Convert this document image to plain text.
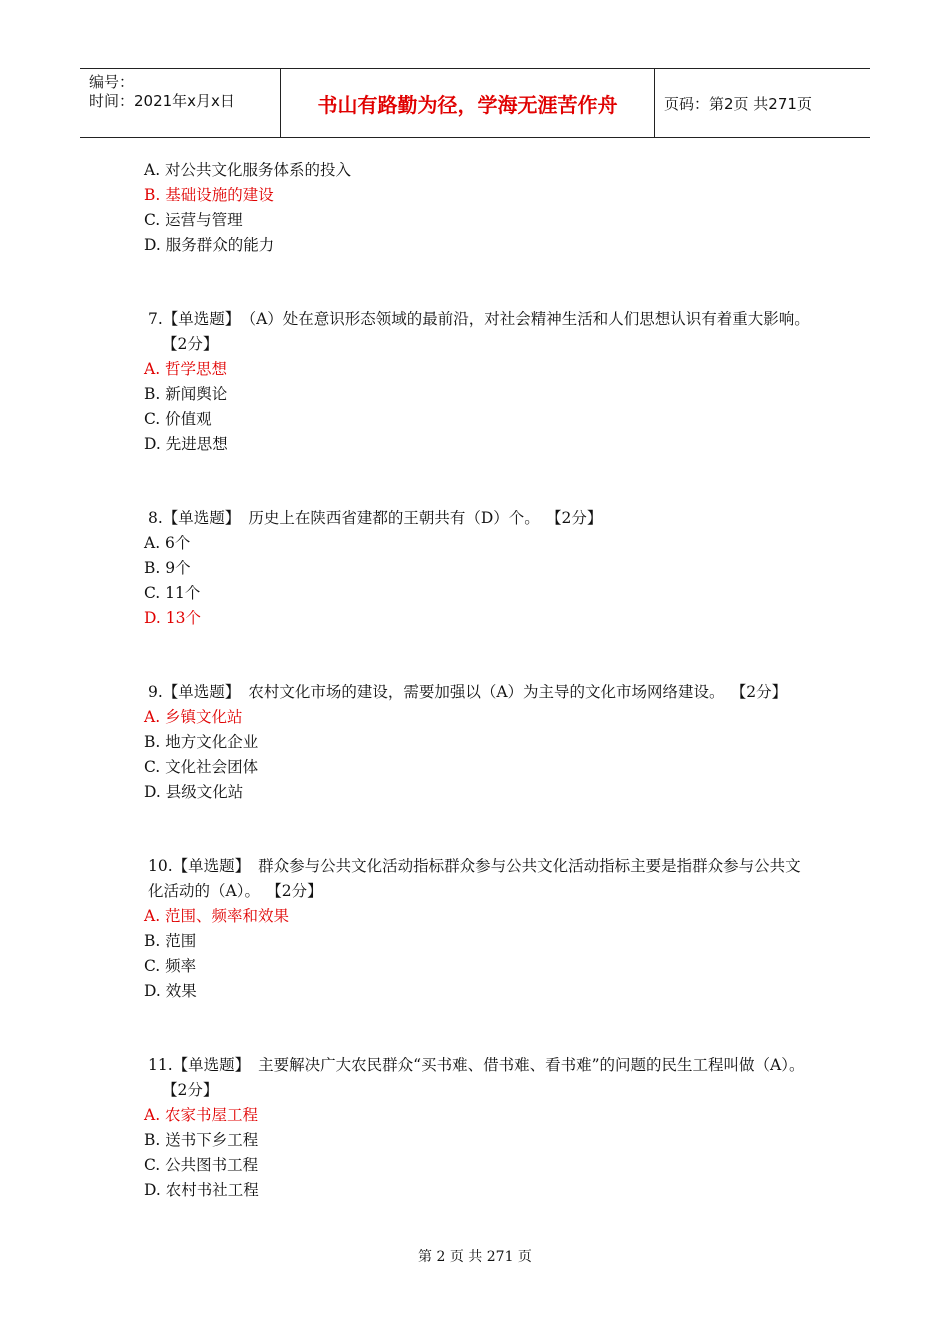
编号：
时间：2021年x月x日	书山有路勤为径，学海无涯苦作舟	页码：第2页 共271页
A. 对公共文化服务体系的投入
B. 基础设施的建设
C. 运营与管理
D. 服务群众的能力
7.【单选题】 （A）处在意识形态领域的最前沿，对社会精神生活和人们思想认识有着重大影响。【2分】
A. 哲学思想
B. 新闻舆论
C. 价值观
D. 先进思想
8.【单选题】 历史上在陕西省建都的王朝共有（D）个。 【2分】
A. 6个
B. 9个
C. 11个
D. 13个
9.【单选题】 农村文化市场的建设，需要加强以（A）为主导的文化市场网络建设。 【2分】
A. 乡镇文化站
B. 地方文化企业
C. 文化社会团体
D. 县级文化站
10.【单选题】 群众参与公共文化活动指标群众参与公共文化活动指标主要是指群众参与公共文化活动的（A）。 【2分】
A. 范围、频率和效果
B. 范围
C. 频率
D. 效果
11.【单选题】 主要解决广大农民群众“买书难、借书难、看书难”的问题的民生工程叫做（A）。【2分】
A. 农家书屋工程
B. 送书下乡工程
C. 公共图书工程
D. 农村书社工程
第 2 页 共 271 页
